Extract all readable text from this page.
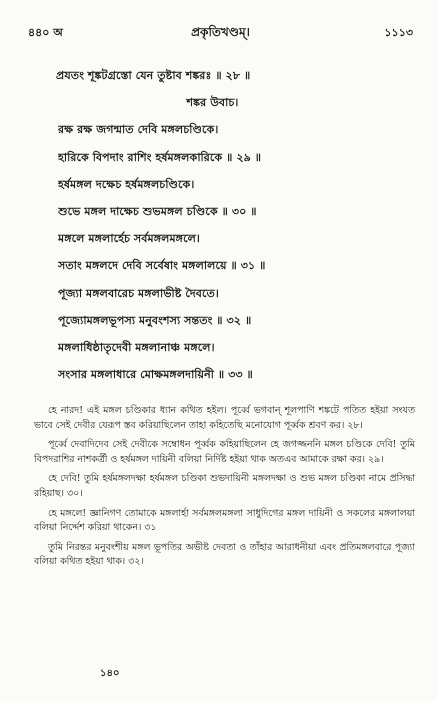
৪৪০ অ	প্রকৃতিখণ্ডম্।	১১১৩
প্রযতং শূঙ্কটগ্রস্তো যেন তুষ্টাব শঙ্করঃ ॥ ২৮ ॥
শঙ্কর উবাচ।
রক্ষ রক্ষ জগন্মাত দেবি মঙ্গলচণ্ডিকে।
হারিকে বিপদাং রাশিং হর্ষমঙ্গলকারিকে ॥ ২৯ ॥
হর্ষমঙ্গল দক্ষেচ হর্ষমঙ্গলচণ্ডিকে।
শুভে মঙ্গল দাক্ষেচ শুভমঙ্গল চণ্ডিকে ॥ ৩০ ॥
মঙ্গলে মঙ্গলার্হেচ সর্বমঙ্গলমঙ্গলে।
সতাং মঙ্গলদে দেবি সর্বেষাং মঙ্গলালয়ে ॥ ৩১ ॥
পূজ্যা মঙ্গলবারেচ মঙ্গলাভীষ্ট দৈবতে।
পূজ্যোমঙ্গলভূপস্য মনুবংশস্য সন্ততং ॥ ৩২ ॥
মঙ্গলাধিষ্ঠাতৃদেবী মঙ্গলানাঞ্চ মঙ্গলে।
সংসার মঙ্গলাধারে মোক্ষমঙ্গলদায়িনী ॥ ৩৩ ॥

হে নারদ! এই মঙ্গল চণ্ডিকার ধ্যান কথিত হইল। পূর্ব্বে ভগবান্ শূলপাণি শঙ্কটে পতিত হইয়া সংযত ভাবে সেই দেবীর যেরূপ স্তব করিয়াছিলেন তাহা কহিতেছি মনোযোগ পূর্ব্বক শ্রবণ কর। ২৮।

পূর্ব্বে দেবাদিদেব সেই দেবীকে সম্বোধন পূর্ব্বক কহিয়াছিলেন হে জগজ্জননি মঙ্গল চণ্ডিকে দেবি! তুমি বিপদরাশির নাশকর্ত্রী ও হর্ষমঙ্গল দায়িনী বলিয়া নির্দিষ্ট হইয়া থাক অতএব আমাকে রক্ষা কর। ২৯।

হে দেবি! তুমি হর্ষমঙ্গলদক্ষা হর্ষমঙ্গল চণ্ডিকা শুভদায়িনী মঙ্গলদক্ষা ও শুভ মঙ্গল চণ্ডিকা নামে প্রসিদ্ধা রহিয়াছ। ৩০।

হে মঙ্গলে! জ্ঞানিগণ তোমাকে মঙ্গলার্হা সর্বমঙ্গলমঙ্গলা সাধুদিগের মঙ্গল দায়িনী ও সকলের মঙ্গলালয়া বলিয়া নির্দ্দেশ করিয়া থাকেন। ৩১

তুমি নিরন্তর মনুবংশীয় মঙ্গল ভূপতির অভীষ্ট দেবতা ও তাঁহার আরাধনীয়া এবং প্রতিমঙ্গলবারে পূজ্যা বলিয়া কথিত হইয়া থাক। ৩২।

১৪০
